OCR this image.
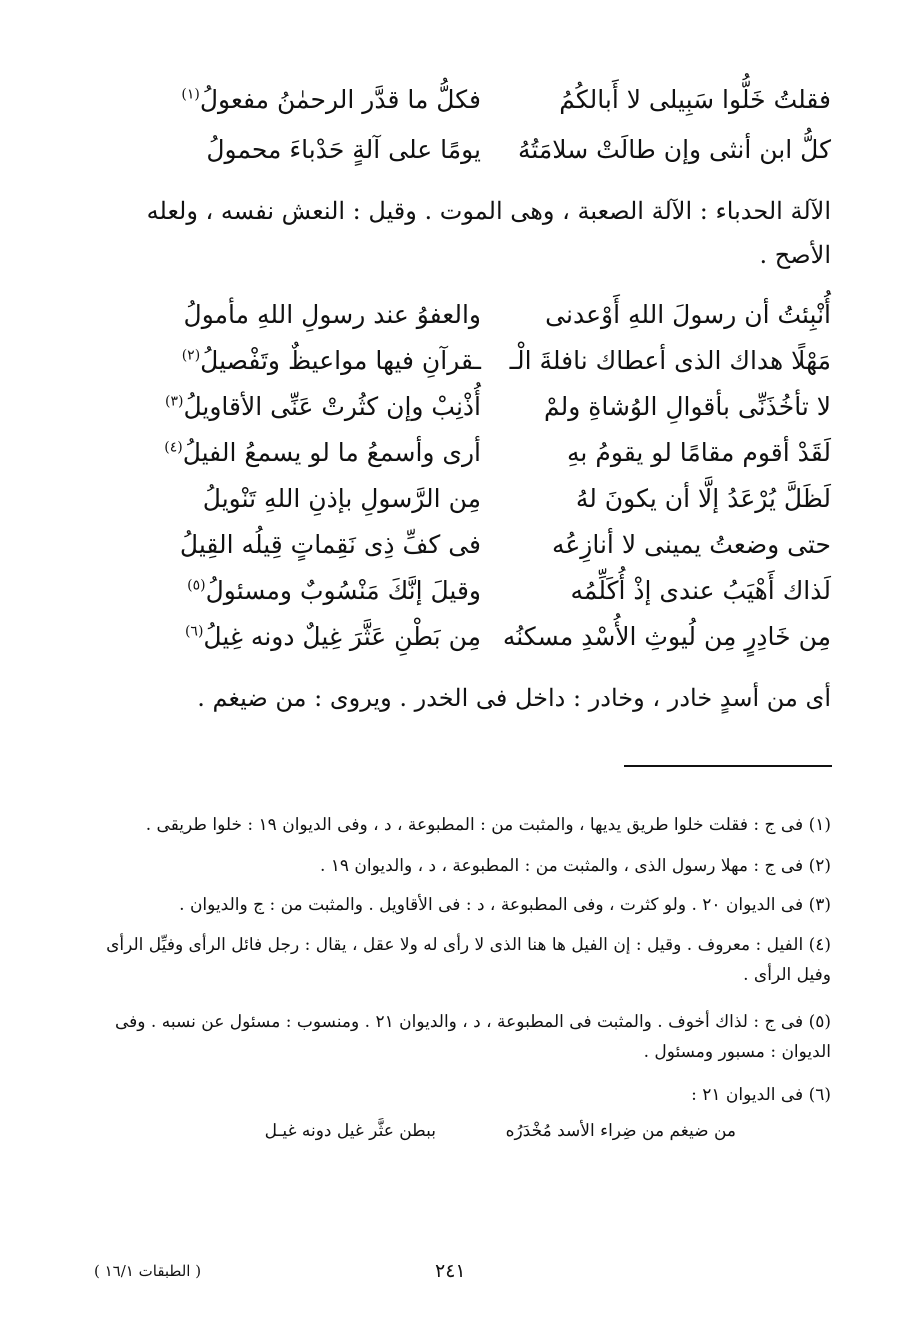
فقلتُ خَلُّوا سَبِيلى لا أَبالكُمُ
فكلُّ ما قدَّر الرحمٰنُ مفعولُ$^{(١)}$
كلُّ ابن أنثى وإن طالَتْ سلامَتُهُ
يومًا على آلةٍ حَدْباءَ محمولُ
الآلة الحدباء : الآلة الصعبة ، وهى الموت . وقيل : النعش نفسه ، ولعله الأصح .
أُنْبِئتُ أن رسولَ اللهِ أَوْعدنى
والعفوُ عند رسولِ اللهِ مأمولُ
مَهْلًا هداك الذى أعطاك نافلةَ الْـ
ـقرآنِ فيها مواعيظٌ وتَفْصيلُ$^{(٢)}$
لا تأخُذَنِّى بأقوالِ الوُشاةِ ولمْ
أُذْنِبْ وإن كثُرتْ عَنِّى الأقاويلُ$^{(٣)}$
لَقَدْ أقوم مقامًا لو يقومُ بهِ
أرى وأسمعُ ما لو يسمعُ الفيلُ$^{(٤)}$
لَظَلَّ يُرْعَدُ إلَّا أن يكونَ لهُ
مِن الرَّسولِ بإذنِ اللهِ تَنْويلُ
حتى وضعتُ يمينى لا أنازِعُه
فى كفِّ ذِى نَقِماتٍ قِيلُه القِيلُ
لَذاك أَهْيَبُ عندى إذْ أُكَلِّمُه
وقيلَ إنَّكَ مَنْسُوبٌ ومسئولُ$^{(٥)}$
مِن خَادِرٍ مِن لُيوثِ الأُسْدِ مسكنُه
مِن بَطْنِ عَثَّرَ غِيلٌ دونه غِيلُ$^{(٦)}$
أى من أسدٍ خادر ، وخادر : داخل فى الخدر . ويروى : من ضيغم .
(١) فى ج : فقلت خلوا طريق يديها ، والمثبت من : المطبوعة ، د ، وفى الديوان ١٩ : خلوا طريقى .
(٢) فى ج : مهلا رسول الذى ، والمثبت من : المطبوعة ، د ، والديوان ١٩ .
(٣) فى الديوان ٢٠ . ولو كثرت ، وفى المطبوعة ، د : فى الأقاويل . والمثبت من : ج والديوان .
(٤) الفيل : معروف . وقيل : إن الفيل ها هنا الذى لا رأى له ولا عقل ، يقال : رجل فائل الرأى وفيِّل الرأى وفيل الرأى .
(٥) فى ج : لذاك أخوف . والمثبت فى المطبوعة ، د ، والديوان ٢١ . ومنسوب : مسئول عن نسبه . وفى الديوان : مسبور ومسئول .
(٦) فى الديوان ٢١ :
من ضيغم من ضِراء الأسد مُخْدَرُه
ببطن عثَّر غيل دونه غيـل
٢٤١
( الطبقات ١٦/١ )
